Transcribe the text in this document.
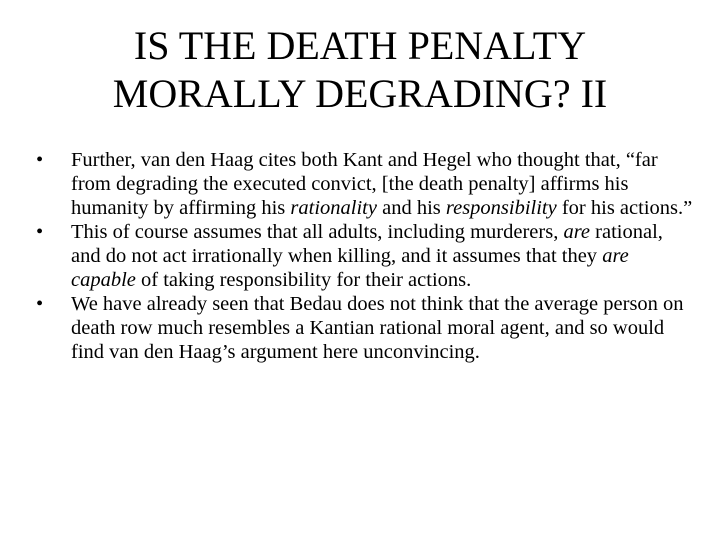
IS THE DEATH PENALTY
MORALLY DEGRADING? II
•	Further, van den Haag cites both Kant and Hegel who thought that, “far from degrading the executed convict, [the death penalty] affirms his humanity by affirming his rationality and his responsibility for his actions.”
•	This of course assumes that all adults, including murderers, are rational, and do not act irrationally when killing, and it assumes that they are capable of taking responsibility for their actions.
•	We have already seen that Bedau does not think that the average person on death row much resembles a Kantian rational moral agent, and so would find van den Haag’s argument here unconvincing.
